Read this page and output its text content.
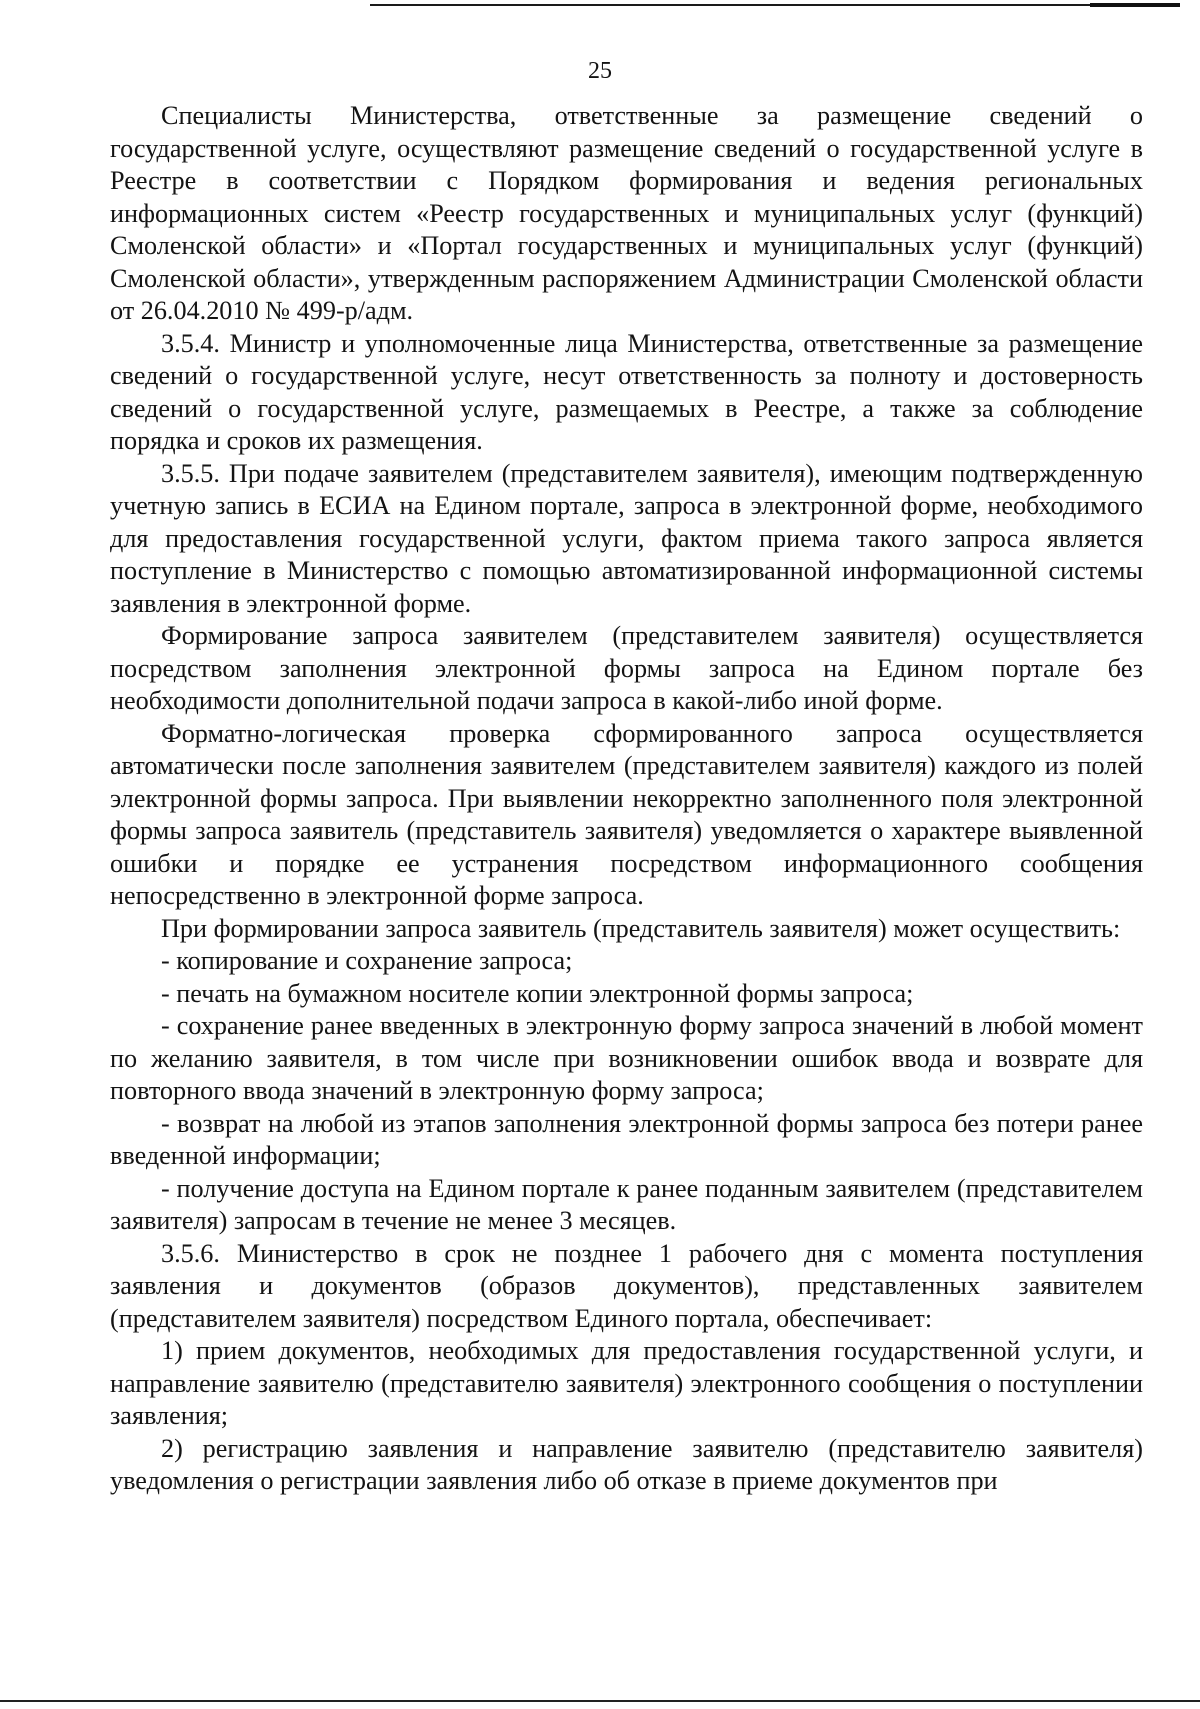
25

Специалисты Министерства, ответственные за размещение сведений о государственной услуге, осуществляют размещение сведений о государственной услуге в Реестре в соответствии с Порядком формирования и ведения региональных информационных систем «Реестр государственных и муниципальных услуг (функций) Смоленской области» и «Портал государственных и муниципальных услуг (функций) Смоленской области», утвержденным распоряжением Администрации Смоленской области от 26.04.2010 № 499-р/адм.

3.5.4. Министр и уполномоченные лица Министерства, ответственные за размещение сведений о государственной услуге, несут ответственность за полноту и достоверность сведений о государственной услуге, размещаемых в Реестре, а также за соблюдение порядка и сроков их размещения.

3.5.5. При подаче заявителем (представителем заявителя), имеющим подтвержденную учетную запись в ЕСИА на Едином портале, запроса в электронной форме, необходимого для предоставления государственной услуги, фактом приема такого запроса является поступление в Министерство с помощью автоматизированной информационной системы заявления в электронной форме.

Формирование запроса заявителем (представителем заявителя) осуществляется посредством заполнения электронной формы запроса на Едином портале без необходимости дополнительной подачи запроса в какой-либо иной форме.

Форматно-логическая проверка сформированного запроса осуществляется автоматически после заполнения заявителем (представителем заявителя) каждого из полей электронной формы запроса. При выявлении некорректно заполненного поля электронной формы запроса заявитель (представитель заявителя) уведомляется о характере выявленной ошибки и порядке ее устранения посредством информационного сообщения непосредственно в электронной форме запроса.

При формировании запроса заявитель (представитель заявителя) может осуществить:

- копирование и сохранение запроса;

- печать на бумажном носителе копии электронной формы запроса;

- сохранение ранее введенных в электронную форму запроса значений в любой момент по желанию заявителя, в том числе при возникновении ошибок ввода и возврате для повторного ввода значений в электронную форму запроса;

- возврат на любой из этапов заполнения электронной формы запроса без потери ранее введенной информации;

- получение доступа на Едином портале к ранее поданным заявителем (представителем заявителя) запросам в течение не менее 3 месяцев.

3.5.6. Министерство в срок не позднее 1 рабочего дня с момента поступления заявления и документов (образов документов), представленных заявителем (представителем заявителя) посредством Единого портала, обеспечивает:

1) прием документов, необходимых для предоставления государственной услуги, и направление заявителю (представителю заявителя) электронного сообщения о поступлении заявления;

2) регистрацию заявления и направление заявителю (представителю заявителя) уведомления о регистрации заявления либо об отказе в приеме документов при
